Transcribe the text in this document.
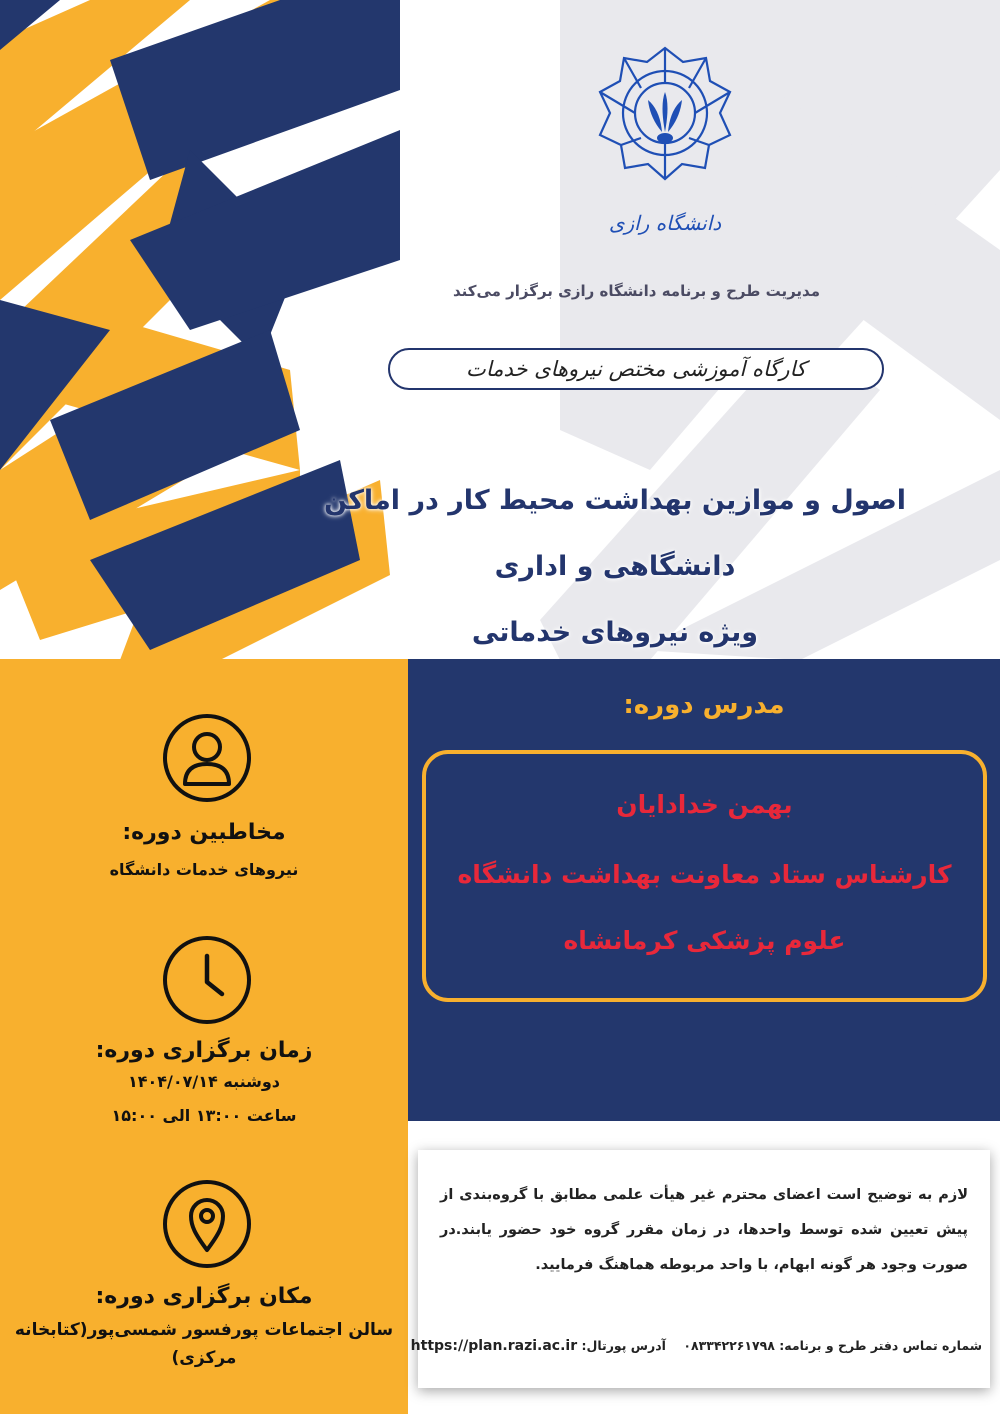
دانشگاه رازی
مدیریت طرح و برنامه دانشگاه رازی برگزار می‌کند
کارگاه آموزشی مختص نیروهای خدمات
اصول و موازین بهداشت محیط کار در اماکن دانشگاهی و اداری
ویژه نیروهای خدماتی
مخاطبین دوره:
نیروهای خدمات دانشگاه
زمان برگزاری دوره:
دوشنبه ۱۴۰۴/۰۷/۱۴
ساعت ۱۳:۰۰ الی ۱۵:۰۰
مکان برگزاری دوره:
سالن اجتماعات پورفسور شمسی‌پور(کتابخانه مرکزی)
مدرس دوره:
بهمن خدادایان
کارشناس ستاد معاونت بهداشت دانشگاه
علوم پزشکی کرمانشاه
لازم به توضیح است اعضای محترم غیر هیأت علمی مطابق با گروه‌بندی از پیش تعیین شده توسط واحدها، در زمان مقرر گروه خود حضور یابند.در صورت وجود هر گونه ابهام، با واحد مربوطه هماهنگ فرمایید.
شماره تماس دفتر طرح و برنامه: ۰۸۳۳۴۲۲۶۱۷۹۸    آدرس پورتال: https://plan.razi.ac.ir
